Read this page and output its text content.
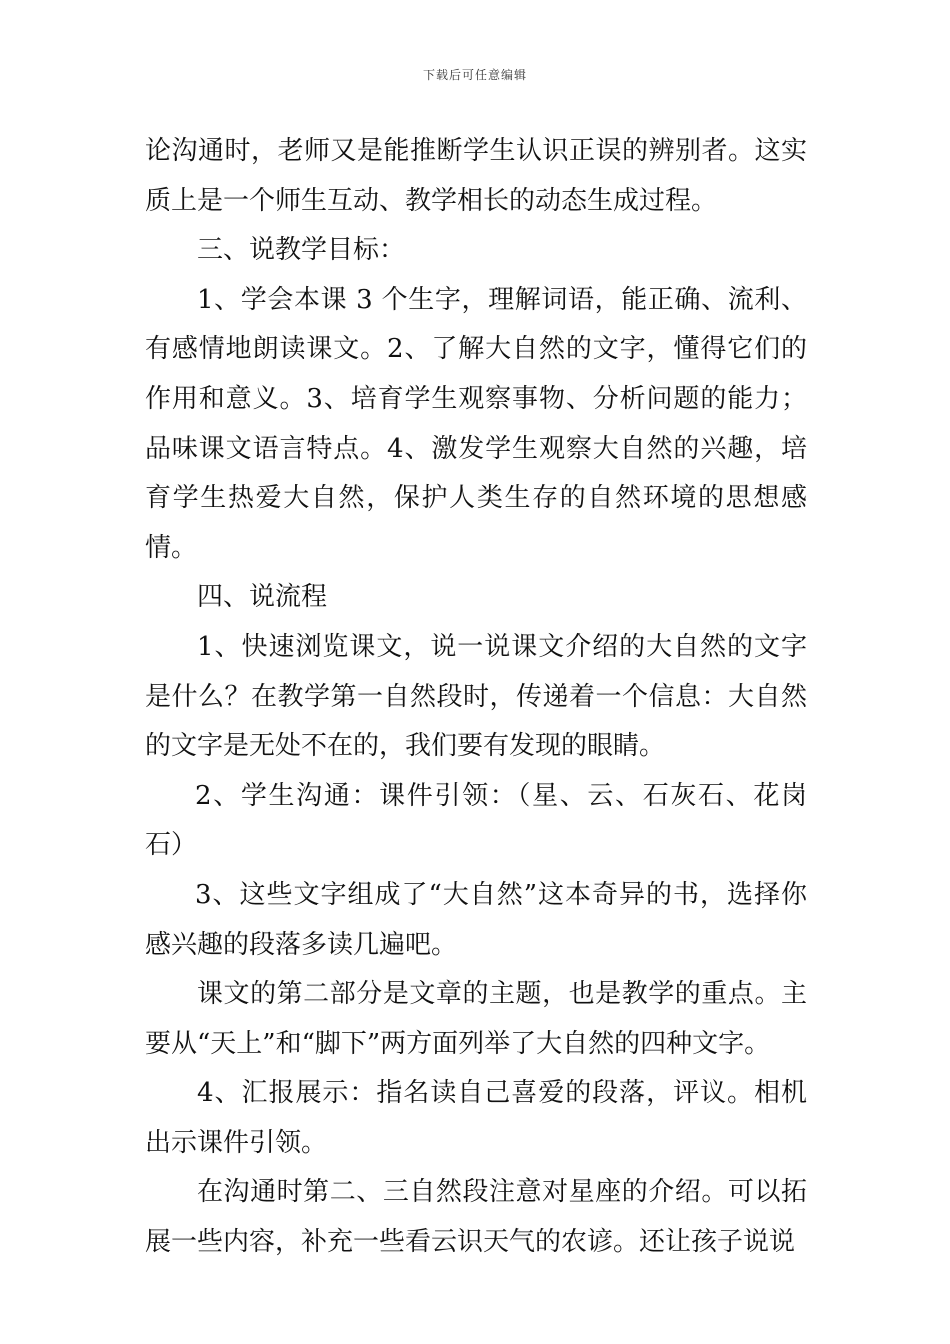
下载后可任意编辑

论沟通时，老师又是能推断学生认识正误的辨别者。这实质上是一个师生互动、教学相长的动态生成过程。

三、说教学目标：

1、学会本课 3 个生字，理解词语，能正确、流利、有感情地朗读课文。2、了解大自然的文字，懂得它们的作用和意义。3、培育学生观察事物、分析问题的能力；品味课文语言特点。4、激发学生观察大自然的兴趣，培育学生热爱大自然，保护人类生存的自然环境的思想感情。

四、说流程

1、快速浏览课文，说一说课文介绍的大自然的文字是什么？在教学第一自然段时，传递着一个信息：大自然的文字是无处不在的，我们要有发现的眼睛。

2、学生沟通：课件引领：（星、云、石灰石、花岗石）

3、这些文字组成了“大自然”这本奇异的书，选择你感兴趣的段落多读几遍吧。

课文的第二部分是文章的主题，也是教学的重点。主要从“天上”和“脚下”两方面列举了大自然的四种文字。

4、汇报展示：指名读自己喜爱的段落，评议。相机出示课件引领。

在沟通时第二、三自然段注意对星座的介绍。可以拓展一些内容，补充一些看云识天气的农谚。还让孩子说说
